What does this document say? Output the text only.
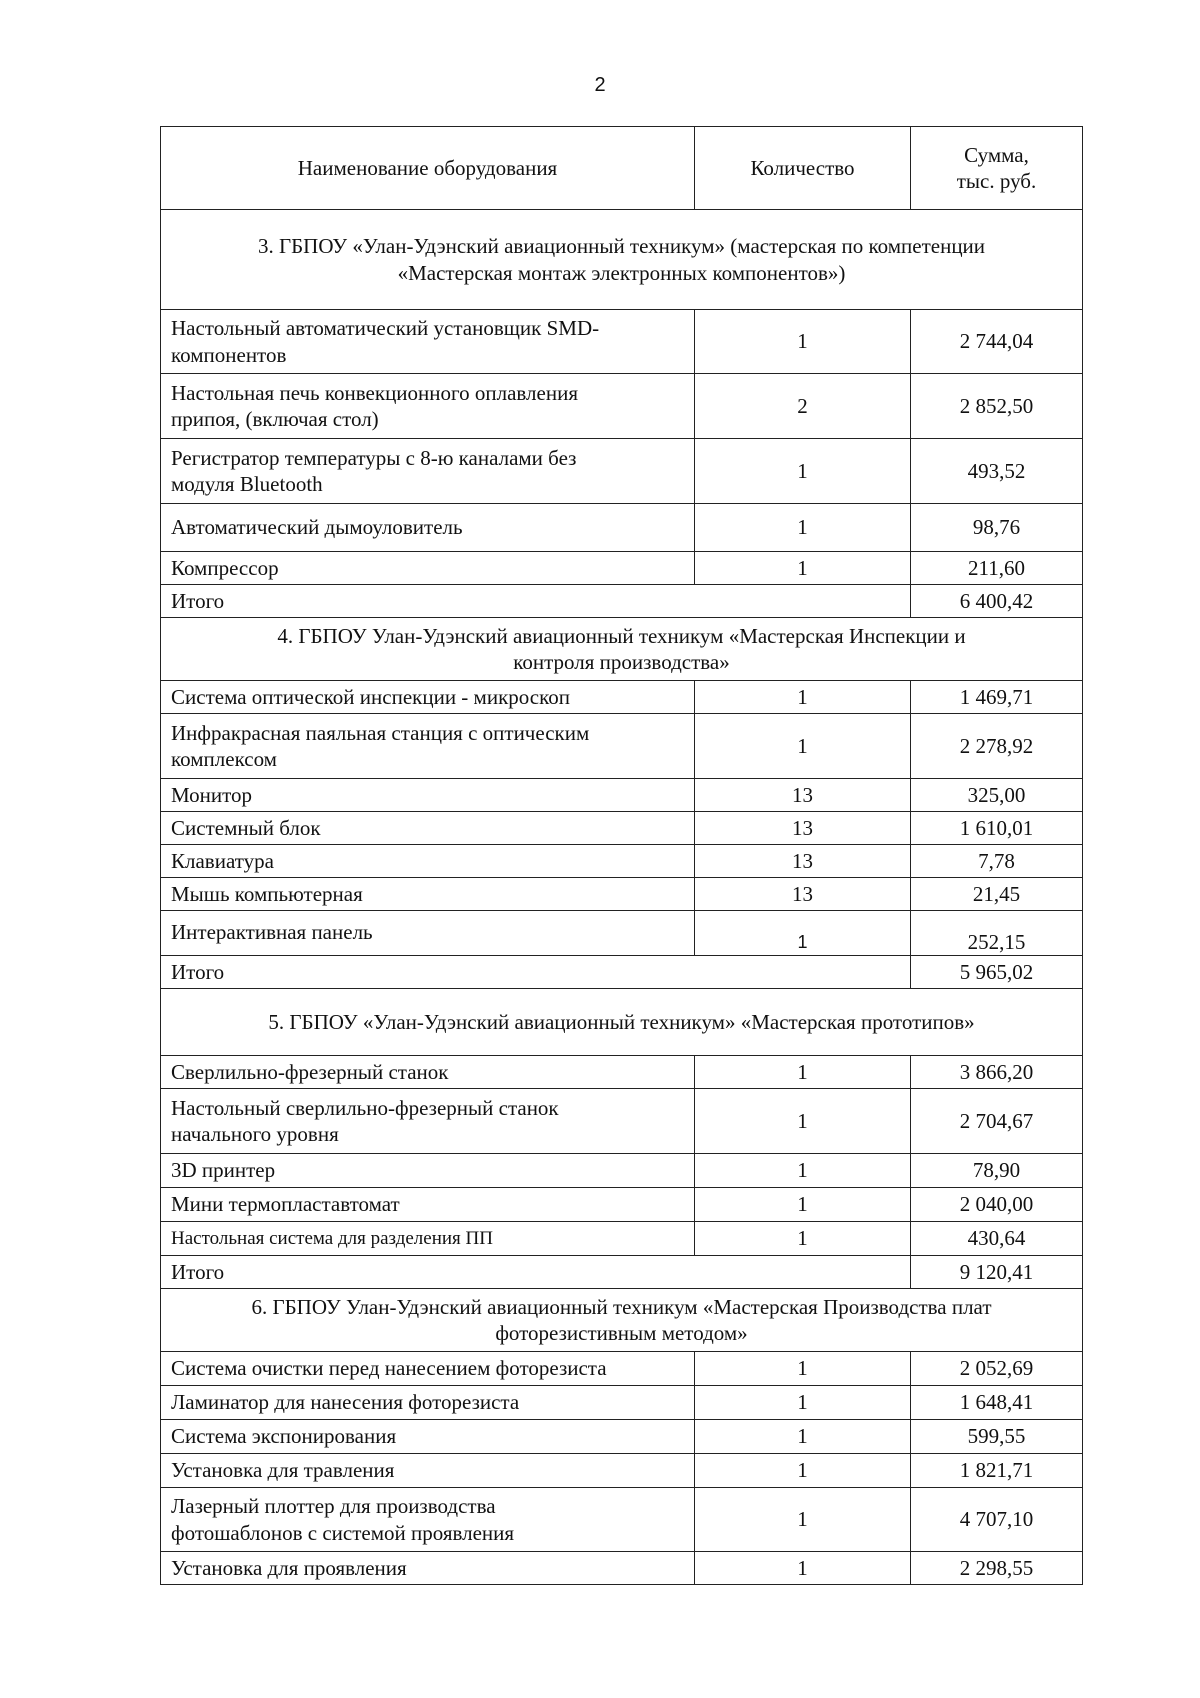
2
Наименование оборудования	Количество	Сумма,
тыс. руб.
3. ГБПОУ «Улан-Удэнский авиационный техникум» (мастерская по компетенции
«Мастерская монтаж электронных компонентов»)		
Настольный автоматический установщик SMD-
компонентов	1	2 744,04
Настольная печь конвекционного оплавления
припоя, (включая стол)	2	2 852,50
Регистратор температуры с 8-ю каналами без
модуля Bluetooth	1	493,52
Автоматический дымоуловитель	1	98,76
Компрессор	1	211,60
Итого		6 400,42
4. ГБПОУ Улан-Удэнский авиационный техникум «Мастерская Инспекции и
контроля производства»		
Система оптической инспекции - микроскоп	1	1 469,71
Инфракрасная паяльная станция с оптическим
комплексом	1	2 278,92
Монитор	13	325,00
Системный блок	13	1 610,01
Клавиатура	13	7,78
Мышь компьютерная	13	21,45
Интерактивная панель	1	252,15
Итого		5 965,02
5. ГБПОУ «Улан-Удэнский авиационный техникум» «Мастерская прототипов»		
Сверлильно-фрезерный станок	1	3 866,20
Настольный сверлильно-фрезерный станок
начального уровня	1	2 704,67
3D принтер	1	78,90
Мини термопластавтомат	1	2 040,00
Настольная система для разделения ПП	1	430,64
Итого		9 120,41
6. ГБПОУ Улан-Удэнский авиационный техникум «Мастерская Производства плат
фоторезистивным методом»		
Система очистки перед нанесением фоторезиста	1	2 052,69
Ламинатор для нанесения фоторезиста	1	1 648,41
Система экспонирования	1	599,55
Установка для травления	1	1 821,71
Лазерный плоттер для производства
фотошаблонов с системой проявления	1	4 707,10
Установка для проявления	1	2 298,55
